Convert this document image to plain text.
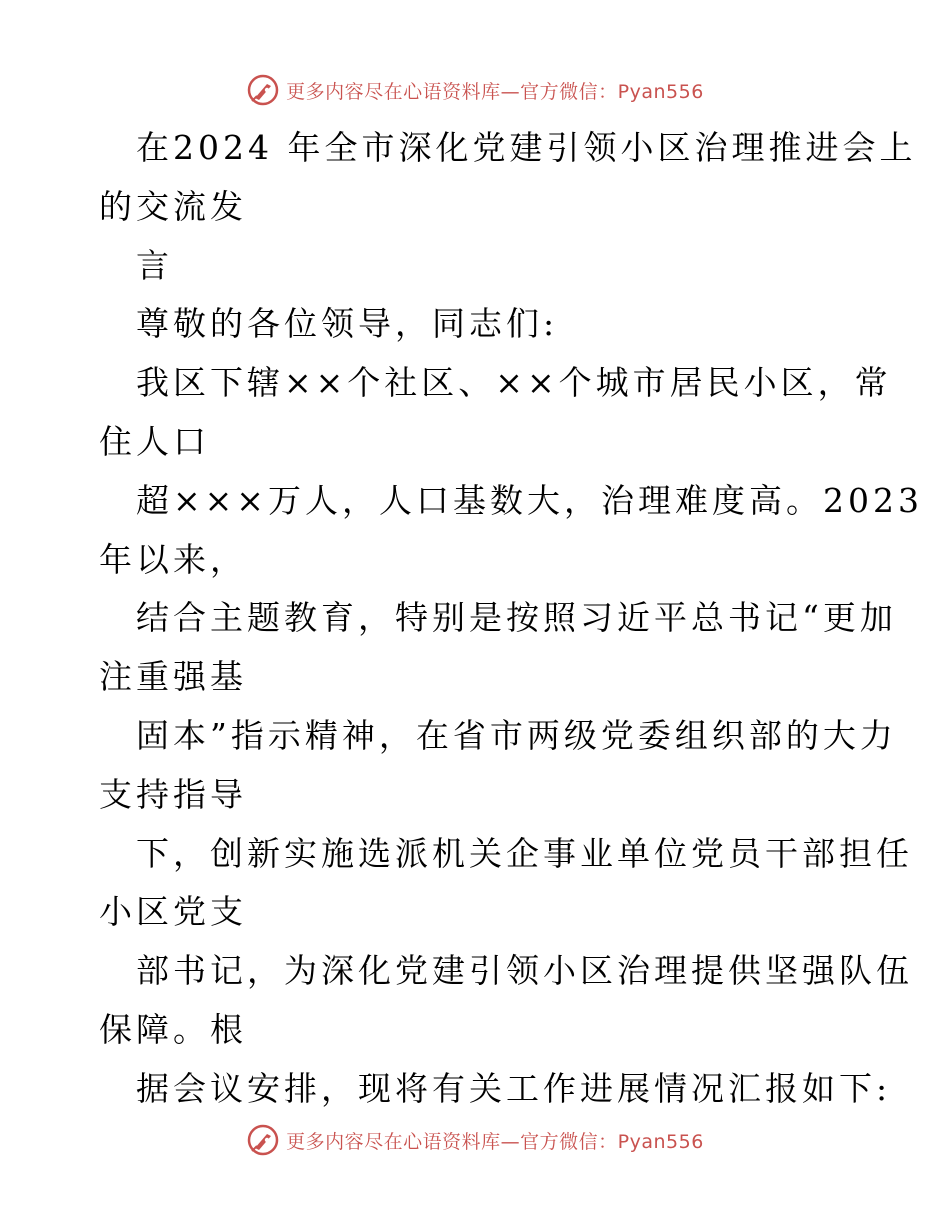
更多内容尽在心语资料库—官方微信：Pyan556
在2024 年全市深化党建引领小区治理推进会上
的交流发
言
尊敬的各位领导，同志们:
我区下辖××个社区、××个城市居民小区，常
住人口
超×××万人，人口基数大，治理难度高。2023
年以来，
结合主题教育，特别是按照习近平总书记“更加
注重强基
固本”指示精神，在省市两级党委组织部的大力
支持指导
下，创新实施选派机关企事业单位党员干部担任
小区党支
部书记，为深化党建引领小区治理提供坚强队伍
保障。根
据会议安排，现将有关工作进展情况汇报如下:
更多内容尽在心语资料库—官方微信：Pyan556
